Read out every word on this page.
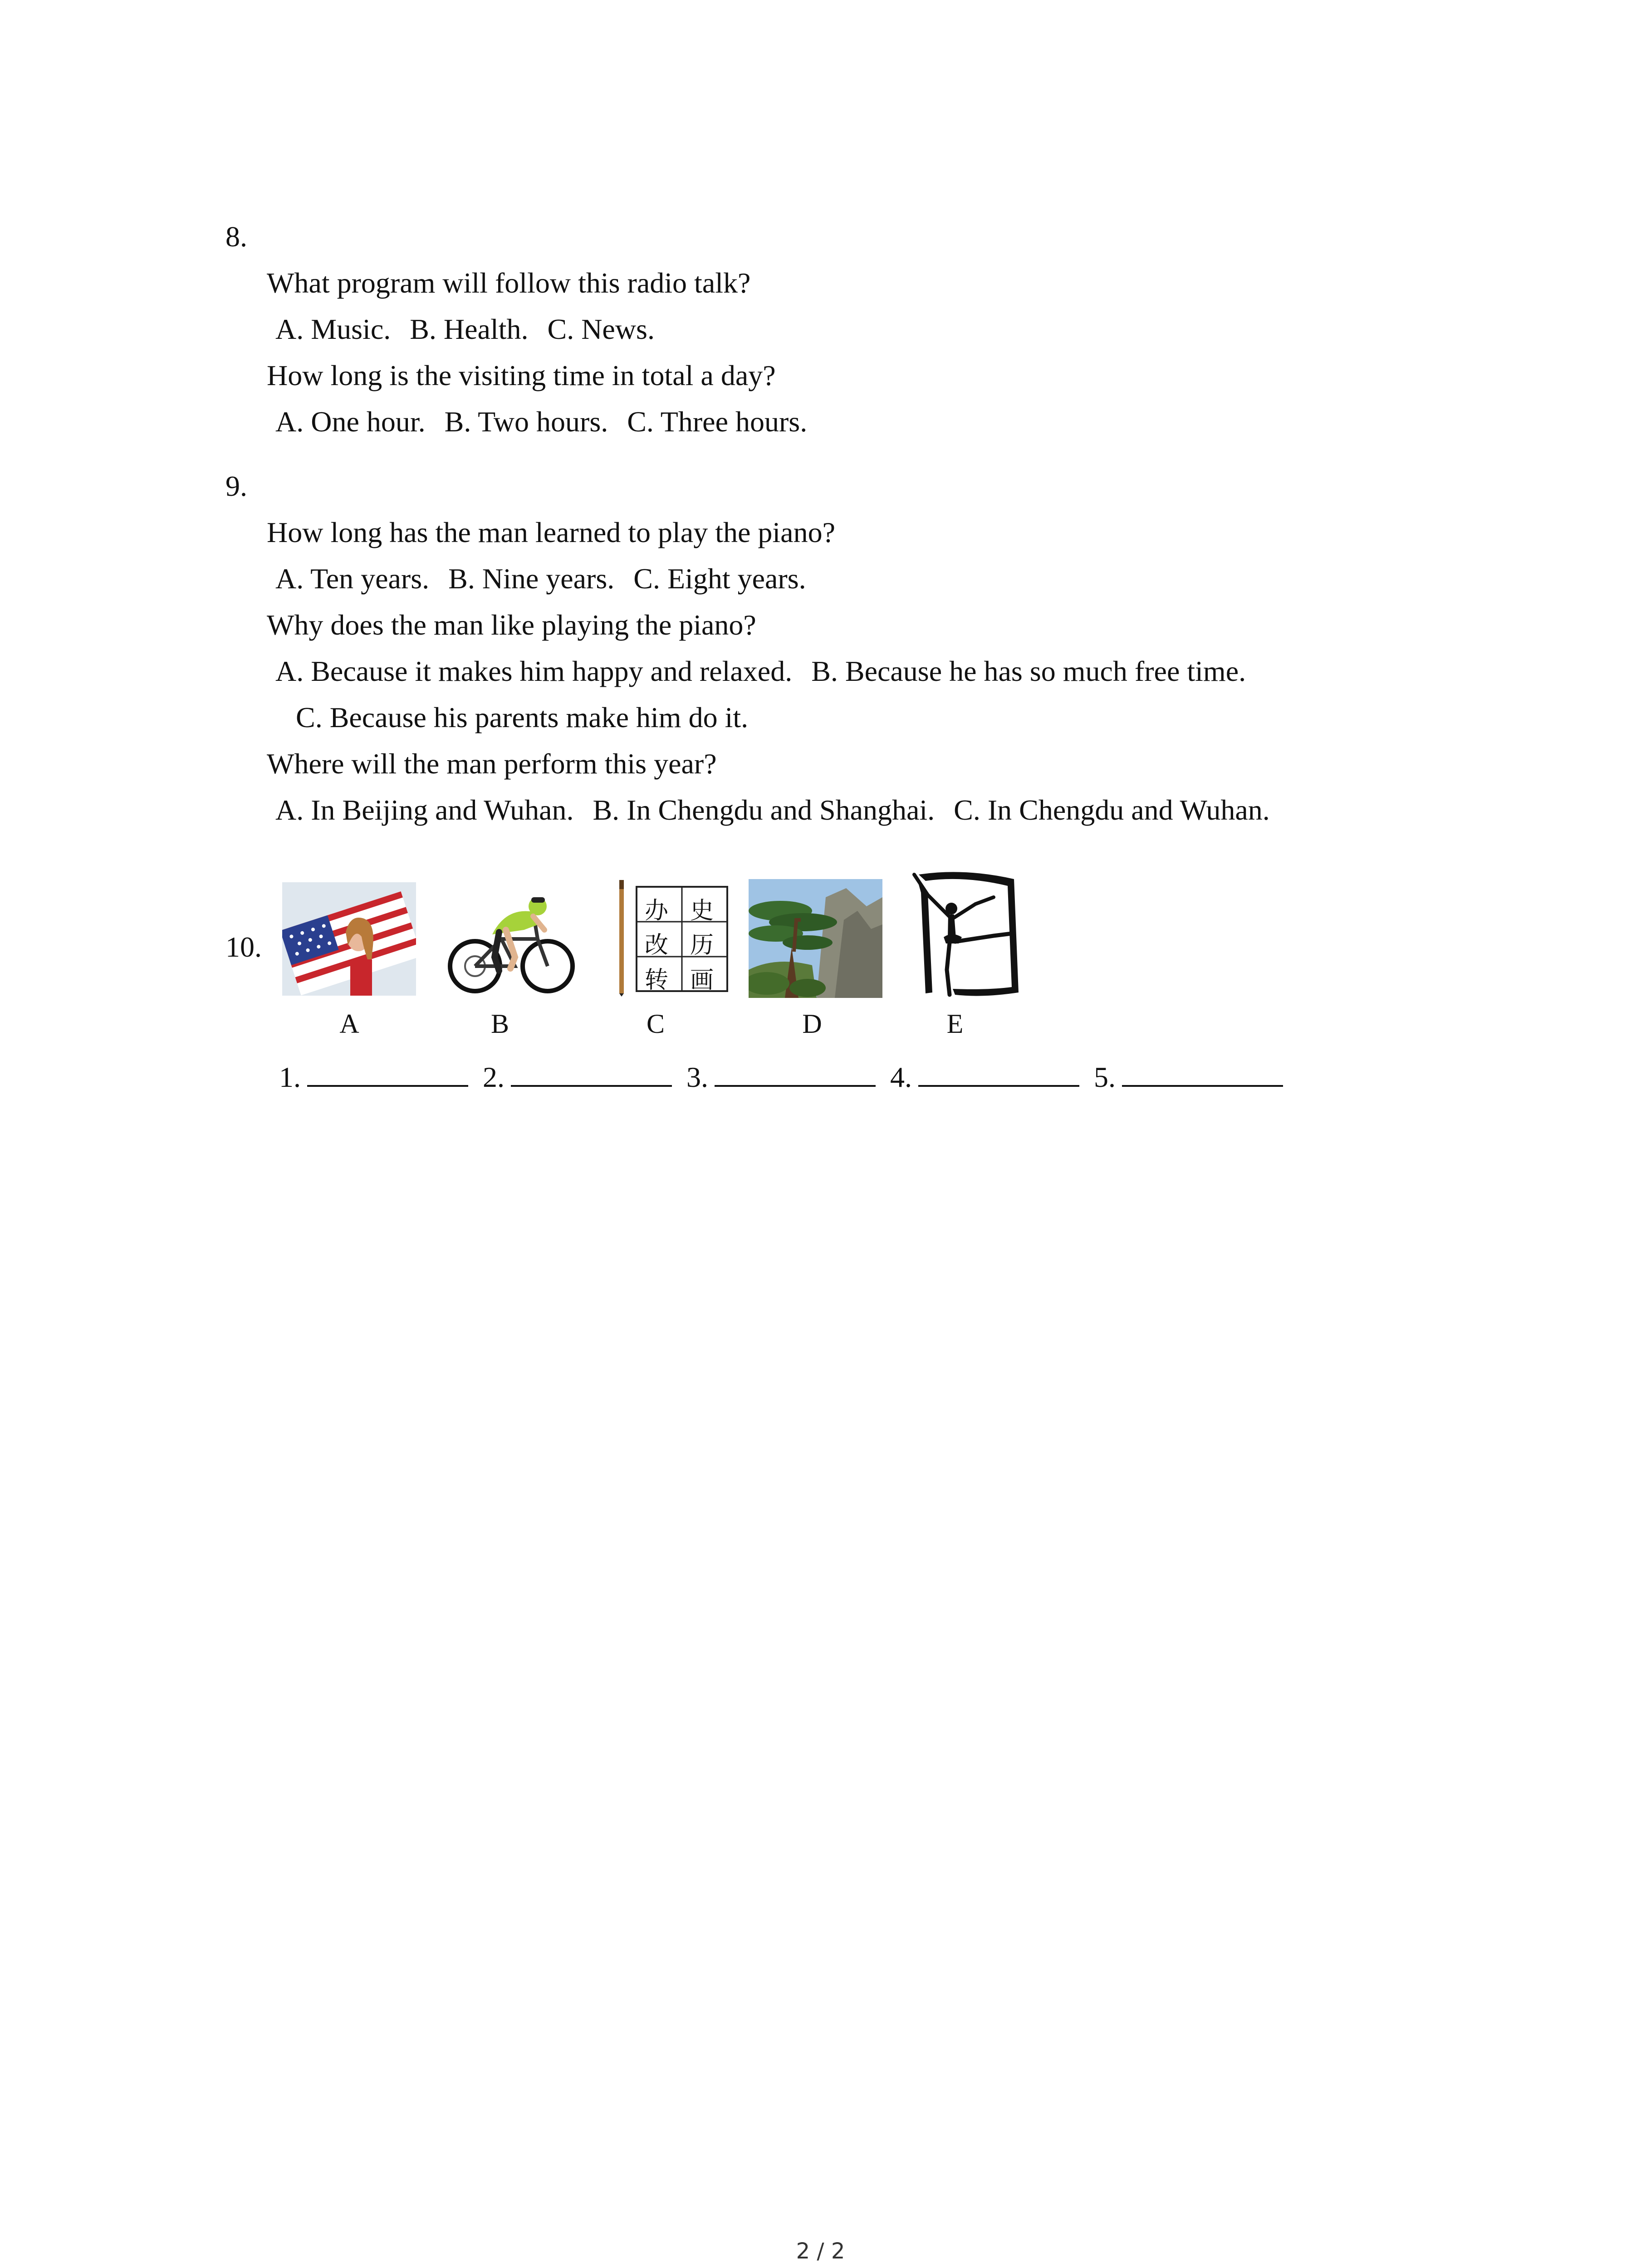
8.
What program will follow this radio talk?
A. Music. B. Health. C. News.
How long is the visiting time in total a day?
A. One hour. B. Two hours. C. Three hours.
9.
How long has the man learned to play the piano?
A. Ten years. B. Nine years. C. Eight years.
Why does the man like playing the piano?
A. Because it makes him happy and relaxed. B. Because he has so much free time.
C. Because his parents make him do it.
Where will the man perform this year?
A. In Beijing and Wuhan. B. In Chengdu and Shanghai. C. In Chengdu and Wuhan.
10.
A	B
办 史
改 历
转 画
C	D	E
1.	2.	3.	4.	5.
2 / 2
